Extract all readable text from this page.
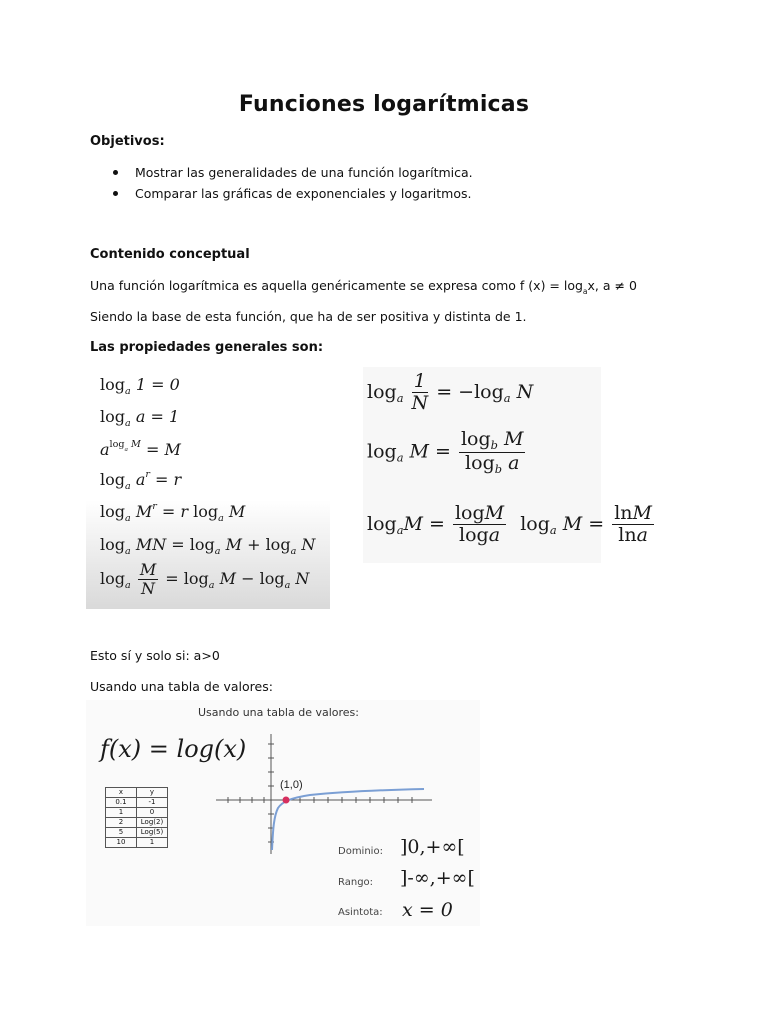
Funciones logarítmicas
Objetivos:
Mostrar las generalidades de una función logarítmica.
Comparar las gráficas de exponenciales y logaritmos.
Contenido conceptual
Una función logarítmica es aquella genéricamente se expresa como f $(x) = \log_ax$, a ≠ 0
Siendo la base de esta función, que ha de ser positiva y distinta de 1.
Las propiedades generales son:
$\log_a 1 = 0$
$\log_a a = 1$
$a^{log_a M} = M$
$\log_a a^r = r$
$\log_a M^r = r$ $\log_a M$
$\log_a$ MN = $\log_a M + \log_a N$
$\log_a \frac{M}{N} = \log_a M - \log_a N$
$\log_a \frac{1}{N} = -\log_a$ N
$\log_a M = \frac{\log_b M}{\log_b a}$
$\log_aM = \frac{\log M}{\log a} \log_a M = \frac{\ln M}{\ln a}$
Esto sí y solo si: a>0
Usando una tabla de valores:
Usando una tabla de valores:
f(x) = log(x)
x	y
0.1	-1
1	0
2	Log(2)
5	Log(5)
10	1
(1,0)
Dominio: ]0,+∞[
Rango: ]-∞,+∞[
Asintota: x = 0
